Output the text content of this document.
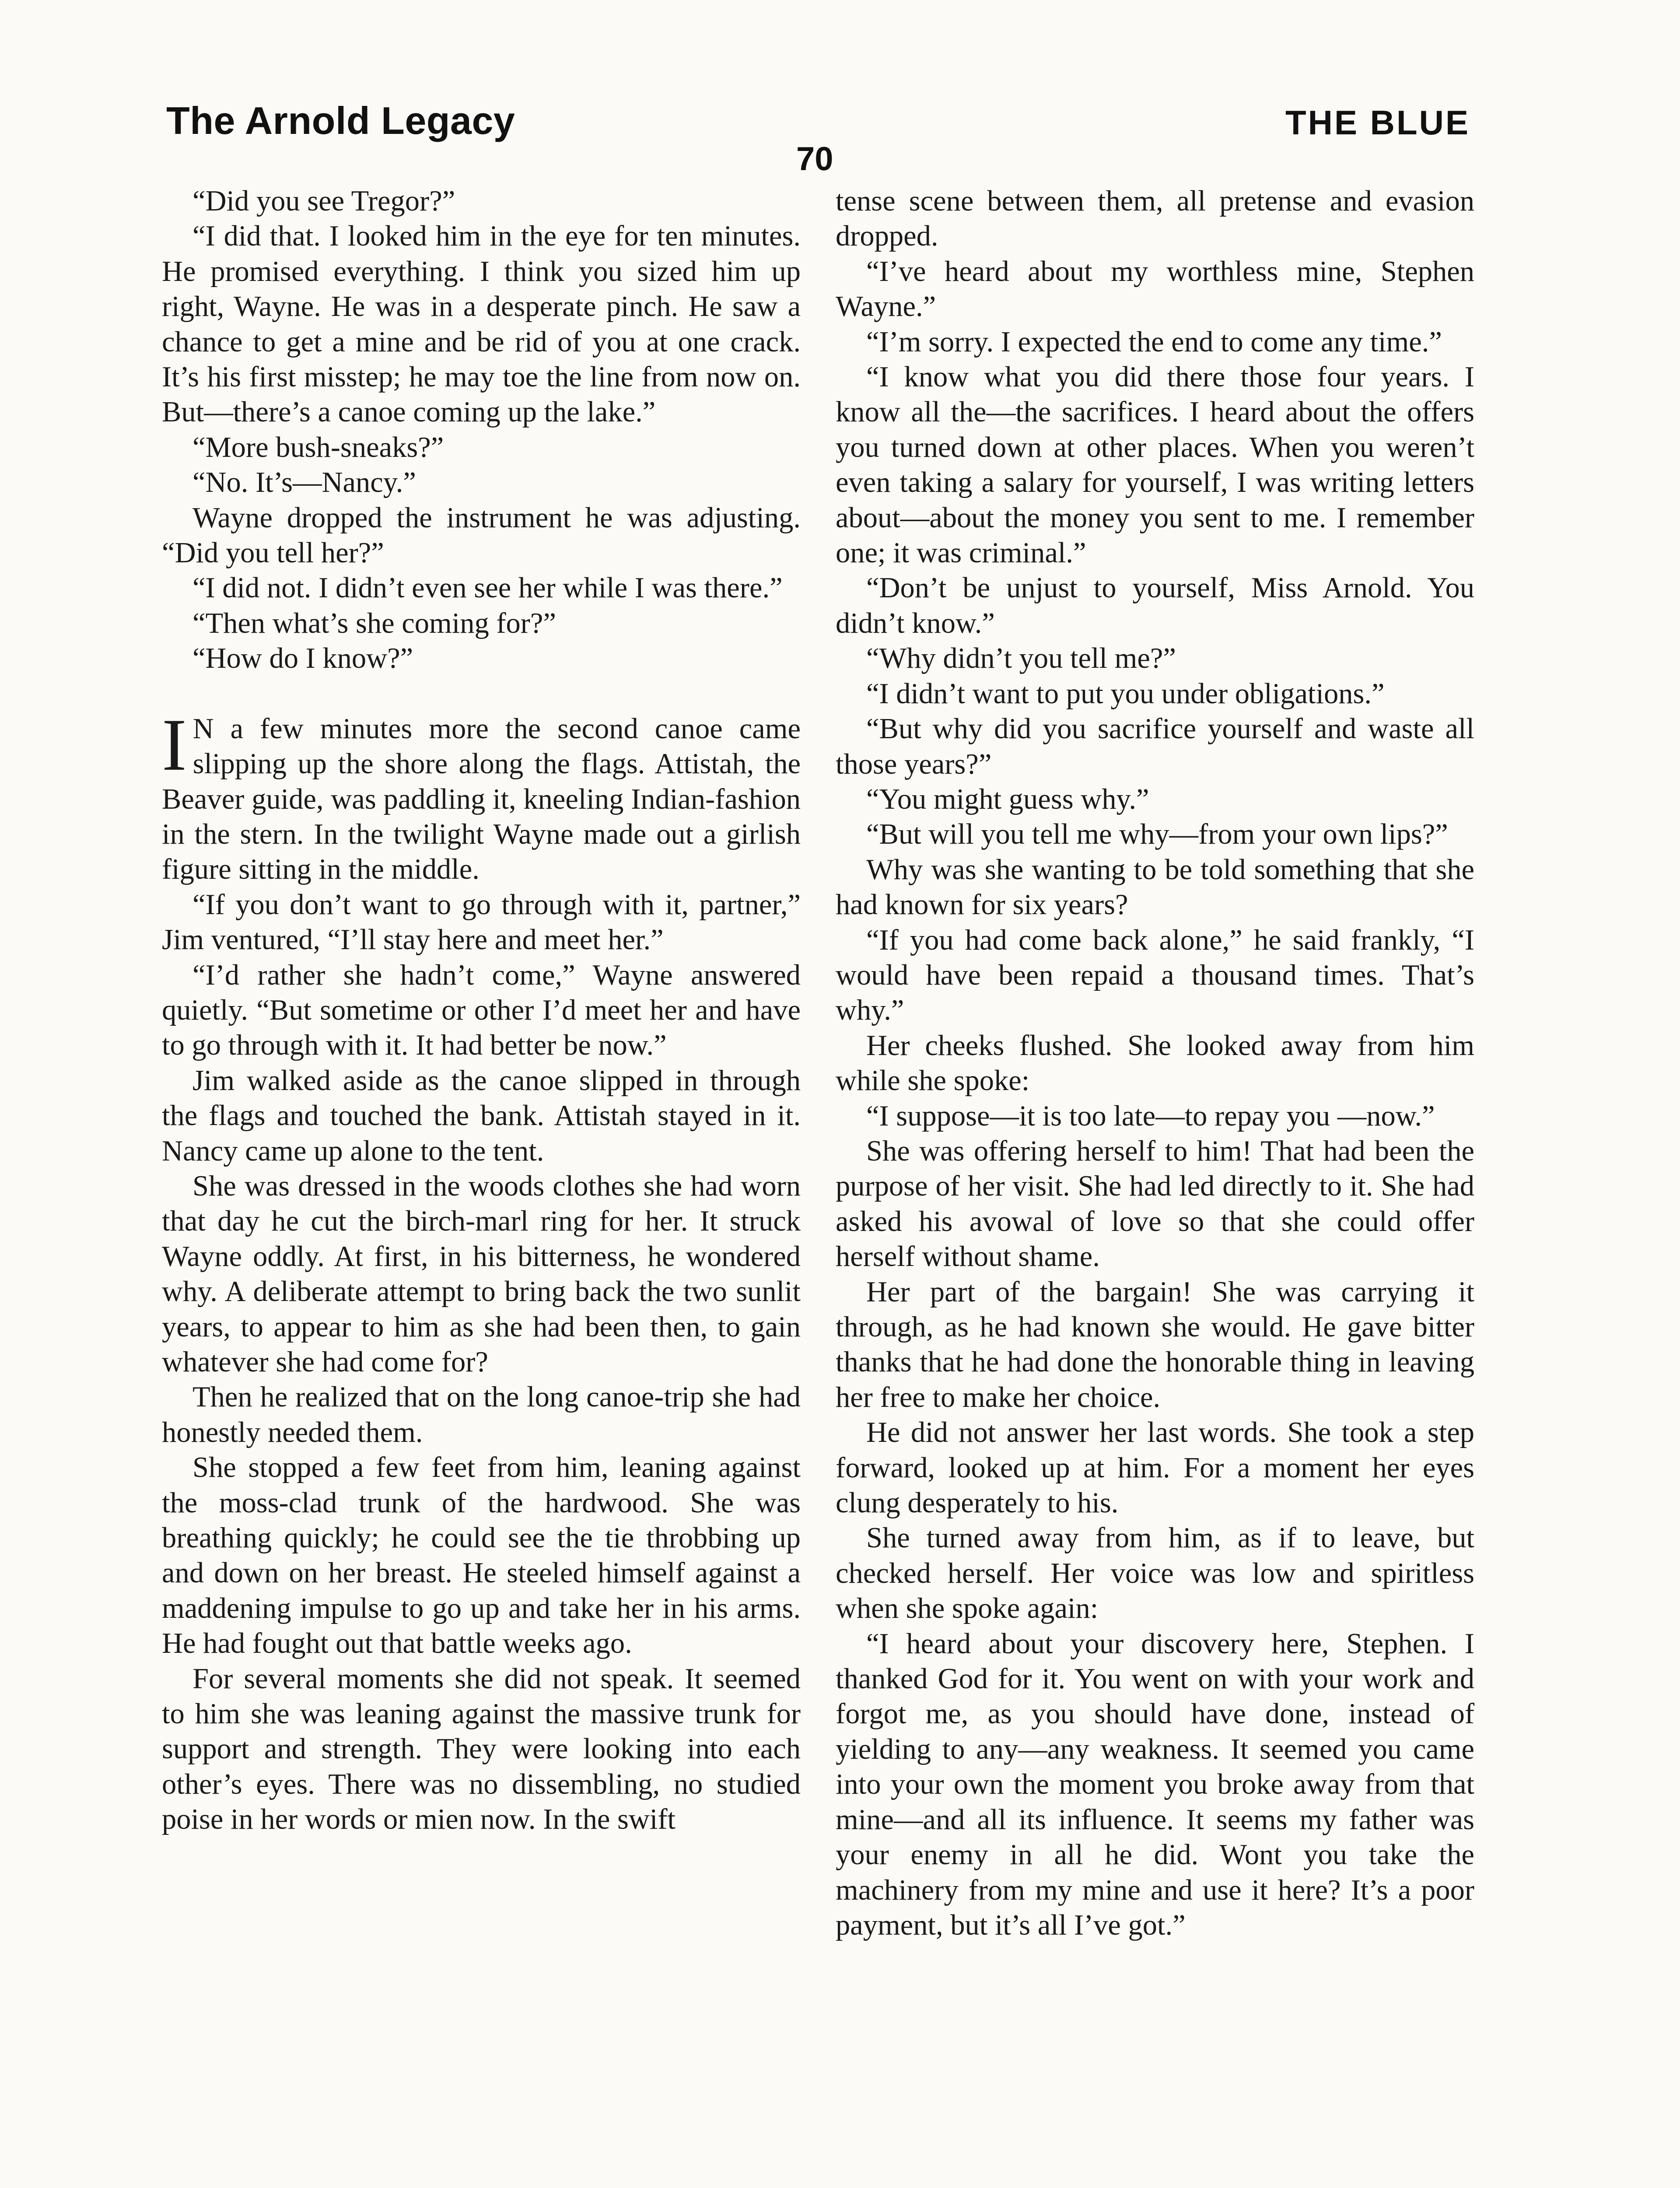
The Arnold Legacy	THE BLUE
70

“Did you see Tregor?”

“I did that. I looked him in the eye for ten minutes. He promised everything. I think you sized him up right, Wayne. He was in a desperate pinch. He saw a chance to get a mine and be rid of you at one crack. It’s his first misstep; he may toe the line from now on. But—there’s a canoe coming up the lake.”

“More bush-sneaks?”

“No. It’s—Nancy.”

Wayne dropped the instrument he was adjusting. “Did you tell her?”

“I did not. I didn’t even see her while I was there.”

“Then what’s she coming for?”

“How do I know?”

I N a few minutes more the second canoe came slipping up the shore along the flags. Attistah, the Beaver guide, was paddling it, kneeling Indian-fashion in the stern. In the twilight Wayne made out a girlish figure sitting in the middle.

“If you don’t want to go through with it, partner,” Jim ventured, “I’ll stay here and meet her.”

“I’d rather she hadn’t come,” Wayne answered quietly. “But sometime or other I’d meet her and have to go through with it. It had better be now.”

Jim walked aside as the canoe slipped in through the flags and touched the bank. Attistah stayed in it. Nancy came up alone to the tent.

She was dressed in the woods clothes she had worn that day he cut the birch-marl ring for her. It struck Wayne oddly. At first, in his bitterness, he wondered why. A deliberate attempt to bring back the two sunlit years, to appear to him as she had been then, to gain whatever she had come for?

Then he realized that on the long canoe-trip she had honestly needed them.

She stopped a few feet from him, leaning against the moss-clad trunk of the hardwood. She was breathing quickly; he could see the tie throbbing up and down on her breast. He steeled himself against a maddening impulse to go up and take her in his arms. He had fought out that battle weeks ago.

For several moments she did not speak. It seemed to him she was leaning against the massive trunk for support and strength. They were looking into each other’s eyes. There was no dissembling, no studied poise in her words or mien now. In the swift

tense scene between them, all pretense and evasion dropped.

“I’ve heard about my worthless mine, Stephen Wayne.”

“I’m sorry. I expected the end to come any time.”

“I know what you did there those four years. I know all the—the sacrifices. I heard about the offers you turned down at other places. When you weren’t even taking a salary for yourself, I was writing letters about—about the money you sent to me. I remember one; it was criminal.”

“Don’t be unjust to yourself, Miss Arnold. You didn’t know.”

“Why didn’t you tell me?”

“I didn’t want to put you under obligations.”

“But why did you sacrifice yourself and waste all those years?”

“You might guess why.”

“But will you tell me why—from your own lips?”

Why was she wanting to be told something that she had known for six years?

“If you had come back alone,” he said frankly, “I would have been repaid a thousand times. That’s why.”

Her cheeks flushed. She looked away from him while she spoke:

“I suppose—it is too late—to repay you —now.”

She was offering herself to him! That had been the purpose of her visit. She had led directly to it. She had asked his avowal of love so that she could offer herself without shame.

Her part of the bargain! She was carrying it through, as he had known she would. He gave bitter thanks that he had done the honorable thing in leaving her free to make her choice.

He did not answer her last words. She took a step forward, looked up at him. For a moment her eyes clung desperately to his.

She turned away from him, as if to leave, but checked herself. Her voice was low and spiritless when she spoke again:

“I heard about your discovery here, Stephen. I thanked God for it. You went on with your work and forgot me, as you should have done, instead of yielding to any—any weakness. It seemed you came into your own the moment you broke away from that mine—and all its influence. It seems my father was your enemy in all he did. Wont you take the machinery from my mine and use it here? It’s a poor payment, but it’s all I’ve got.”
